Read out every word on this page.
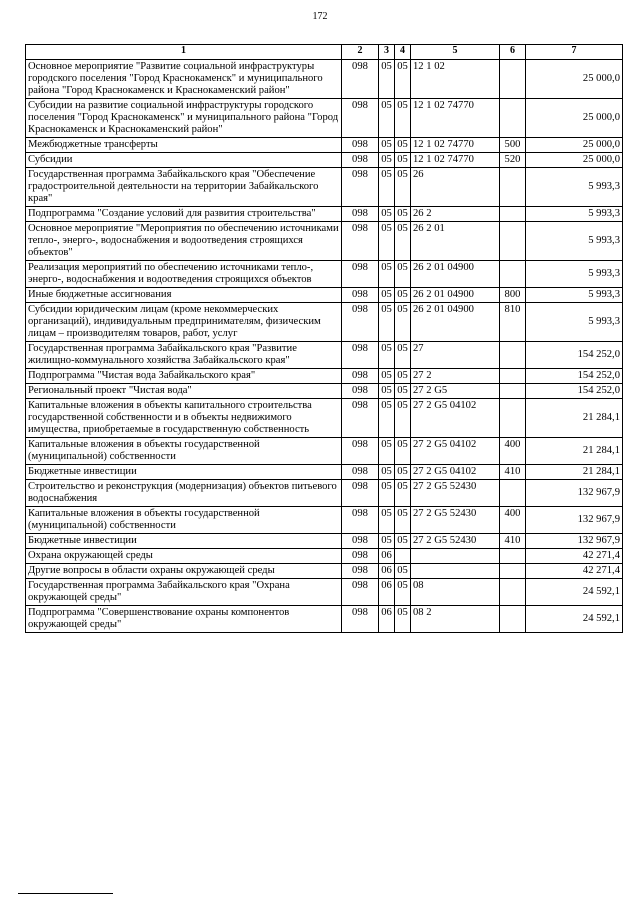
172
1	2	3	4	5	6	7
Основное мероприятие "Развитие социальной инфраструктуры городского поселения "Город Краснокаменск" и муниципального района "Город Краснокаменск и Краснокаменский район"	098	05	05	12 1 02		25 000,0
Субсидии на развитие социальной инфраструктуры городского поселения "Город Краснокаменск" и муниципального района "Город Краснокаменск и Краснокаменский район"	098	05	05	12 1 02 74770		25 000,0
Межбюджетные трансферты	098	05	05	12 1 02 74770	500	25 000,0
Субсидии	098	05	05	12 1 02 74770	520	25 000,0
Государственная программа Забайкальского края "Обеспечение градостроительной деятельности на территории Забайкальского края"	098	05	05	26		5 993,3
Подпрограмма "Создание условий для развития строительства"	098	05	05	26 2		5 993,3
Основное мероприятие "Мероприятия по обеспечению источниками тепло-, энерго-, водоснабжения и водоотведения строящихся объектов"	098	05	05	26 2 01		5 993,3
Реализация мероприятий по обеспечению источниками тепло-, энерго-, водоснабжения и водоотведения строящихся объектов	098	05	05	26 2 01 04900		5 993,3
Иные бюджетные ассигнования	098	05	05	26 2 01 04900	800	5 993,3
Субсидии юридическим лицам (кроме некоммерческих организаций), индивидуальным предпринимателям, физическим лицам – производителям товаров, работ, услуг	098	05	05	26 2 01 04900	810	5 993,3
Государственная программа Забайкальского края "Развитие жилищно-коммунального хозяйства Забайкальского края"	098	05	05	27		154 252,0
Подпрограмма "Чистая вода Забайкальского края"	098	05	05	27 2		154 252,0
Региональный проект "Чистая вода"	098	05	05	27 2 G5		154 252,0
Капитальные вложения в объекты капитального строительства государственной собственности и в объекты недвижимого имущества, приобретаемые в государственную собственность	098	05	05	27 2 G5 04102		21 284,1
Капитальные вложения в объекты государственной (муниципальной) собственности	098	05	05	27 2 G5 04102	400	21 284,1
Бюджетные инвестиции	098	05	05	27 2 G5 04102	410	21 284,1
Строительство и реконструкция (модернизация) объектов питьевого водоснабжения	098	05	05	27 2 G5 52430		132 967,9
Капитальные вложения в объекты государственной (муниципальной) собственности	098	05	05	27 2 G5 52430	400	132 967,9
Бюджетные инвестиции	098	05	05	27 2 G5 52430	410	132 967,9
Охрана окружающей среды	098	06				42 271,4
Другие вопросы в области охраны окружающей среды	098	06	05			42 271,4
Государственная программа Забайкальского края "Охрана окружающей среды"	098	06	05	08		24 592,1
Подпрограмма "Совершенствование охраны компонентов окружающей среды"	098	06	05	08 2		24 592,1
